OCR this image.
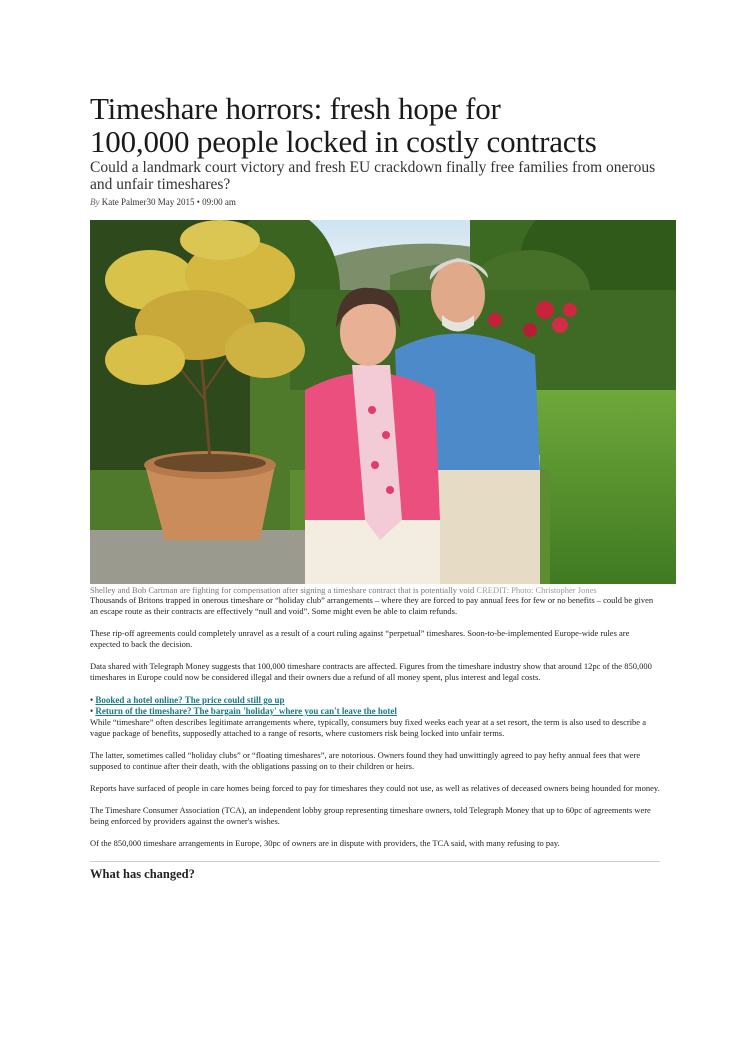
Timeshare horrors: fresh hope for
100,000 people locked in costly contracts

Could a landmark court victory and fresh EU crackdown finally free families from onerous and unfair timeshares?

By Kate Palmer30 May 2015 • 09:00 am
Shelley and Bob Cartman are fighting for compensation after signing a timeshare contract that is potentially void CREDIT: Photo: Christopher Jones

Thousands of Britons trapped in onerous timeshare or “holiday club” arrangements – where they are forced to pay annual fees for few or no benefits – could be given an escape route as their contracts are effectively “null and void”. Some might even be able to claim refunds.

These rip-off agreements could completely unravel as a result of a court ruling against “perpetual” timeshares. Soon-to-be-implemented Europe-wide rules are expected to back the decision.

Data shared with Telegraph Money suggests that 100,000 timeshare contracts are affected. Figures from the timeshare industry show that around 12pc of the 850,000 timeshares in Europe could now be considered illegal and their owners due a refund of all money spent, plus interest and legal costs.

• Booked a hotel online? The price could still go up
• Return of the timeshare? The bargain 'holiday' where you can't leave the hotel

While “timeshare” often describes legitimate arrangements where, typically, consumers buy fixed weeks each year at a set resort, the term is also used to describe a vague package of benefits, supposedly attached to a range of resorts, where customers risk being locked into unfair terms.

The latter, sometimes called “holiday clubs” or “floating timeshares”, are notorious. Owners found they had unwittingly agreed to pay hefty annual fees that were supposed to continue after their death, with the obligations passing on to their children or heirs.

Reports have surfaced of people in care homes being forced to pay for timeshares they could not use, as well as relatives of deceased owners being hounded for money.

The Timeshare Consumer Association (TCA), an independent lobby group representing timeshare owners, told Telegraph Money that up to 60pc of agreements were being enforced by providers against the owner's wishes.

Of the 850,000 timeshare arrangements in Europe, 30pc of owners are in dispute with providers, the TCA said, with many refusing to pay.

What has changed?
